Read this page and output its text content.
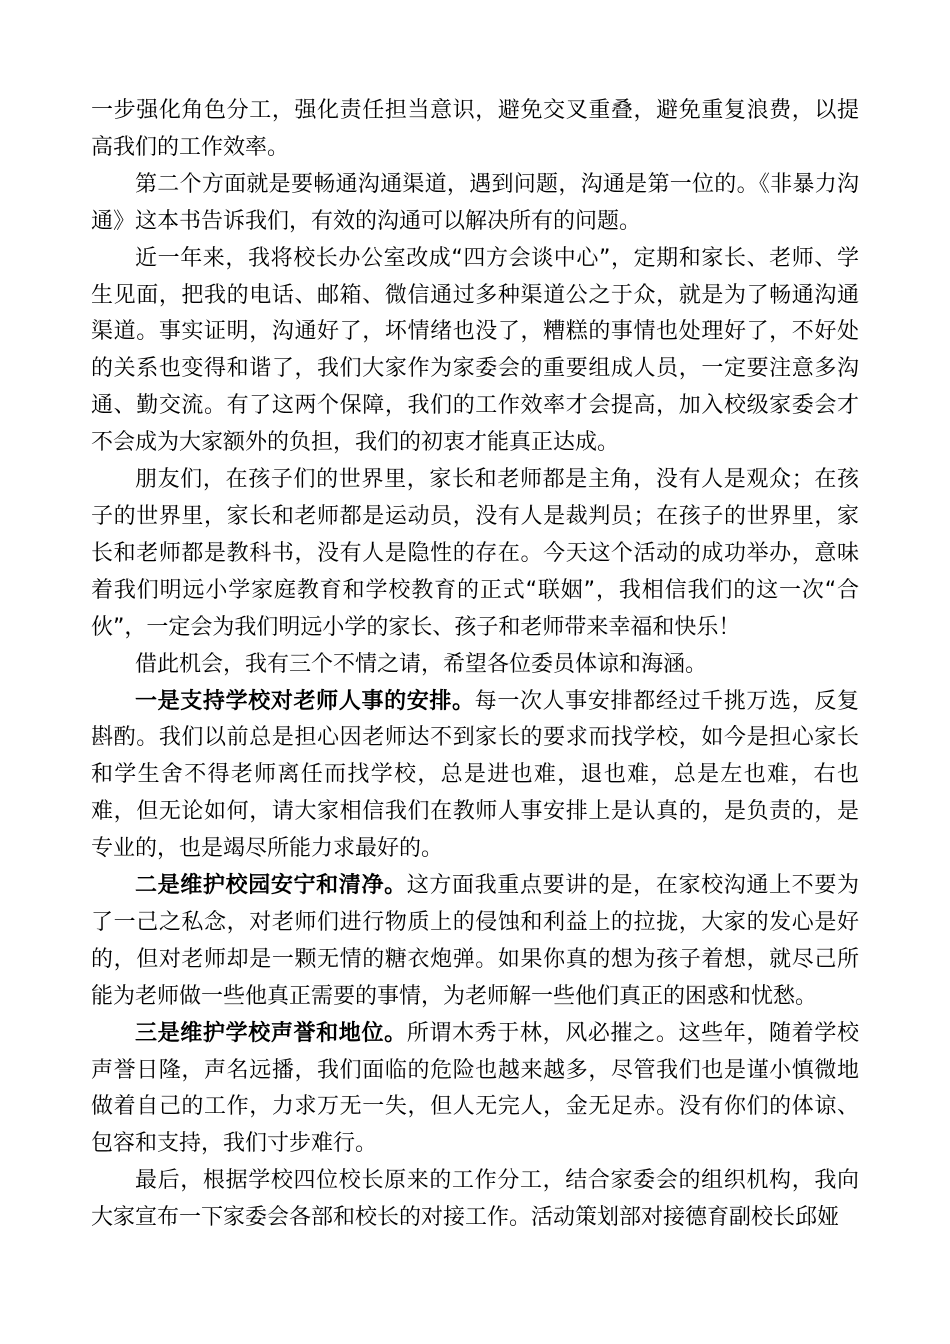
一步强化角色分工，强化责任担当意识，避免交叉重叠，避免重复浪费，以提高我们的工作效率。

第二个方面就是要畅通沟通渠道，遇到问题，沟通是第一位的。《非暴力沟通》这本书告诉我们，有效的沟通可以解决所有的问题。

近一年来，我将校长办公室改成“四方会谈中心”，定期和家长、老师、学生见面，把我的电话、邮箱、微信通过多种渠道公之于众，就是为了畅通沟通渠道。事实证明，沟通好了，坏情绪也没了，糟糕的事情也处理好了，不好处的关系也变得和谐了，我们大家作为家委会的重要组成人员，一定要注意多沟通、勤交流。有了这两个保障，我们的工作效率才会提高，加入校级家委会才不会成为大家额外的负担，我们的初衷才能真正达成。

朋友们，在孩子们的世界里，家长和老师都是主角，没有人是观众；在孩子的世界里，家长和老师都是运动员，没有人是裁判员；在孩子的世界里，家长和老师都是教科书，没有人是隐性的存在。今天这个活动的成功举办，意味着我们明远小学家庭教育和学校教育的正式“联姻”，我相信我们的这一次“合伙”，一定会为我们明远小学的家长、孩子和老师带来幸福和快乐！

借此机会，我有三个不情之请，希望各位委员体谅和海涵。

一是支持学校对老师人事的安排。每一次人事安排都经过千挑万选，反复斟酌。我们以前总是担心因老师达不到家长的要求而找学校，如今是担心家长和学生舍不得老师离任而找学校，总是进也难，退也难，总是左也难，右也难，但无论如何，请大家相信我们在教师人事安排上是认真的，是负责的，是专业的，也是竭尽所能力求最好的。

二是维护校园安宁和清净。这方面我重点要讲的是，在家校沟通上不要为了一己之私念，对老师们进行物质上的侵蚀和利益上的拉拢，大家的发心是好的，但对老师却是一颗无情的糖衣炮弹。如果你真的想为孩子着想，就尽己所能为老师做一些他真正需要的事情，为老师解一些他们真正的困惑和忧愁。

三是维护学校声誉和地位。所谓木秀于林，风必摧之。这些年，随着学校声誉日隆，声名远播，我们面临的危险也越来越多，尽管我们也是谨小慎微地做着自己的工作，力求万无一失，但人无完人，金无足赤。没有你们的体谅、包容和支持，我们寸步难行。

最后，根据学校四位校长原来的工作分工，结合家委会的组织机构，我向大家宣布一下家委会各部和校长的对接工作。活动策划部对接德育副校长邱娅
